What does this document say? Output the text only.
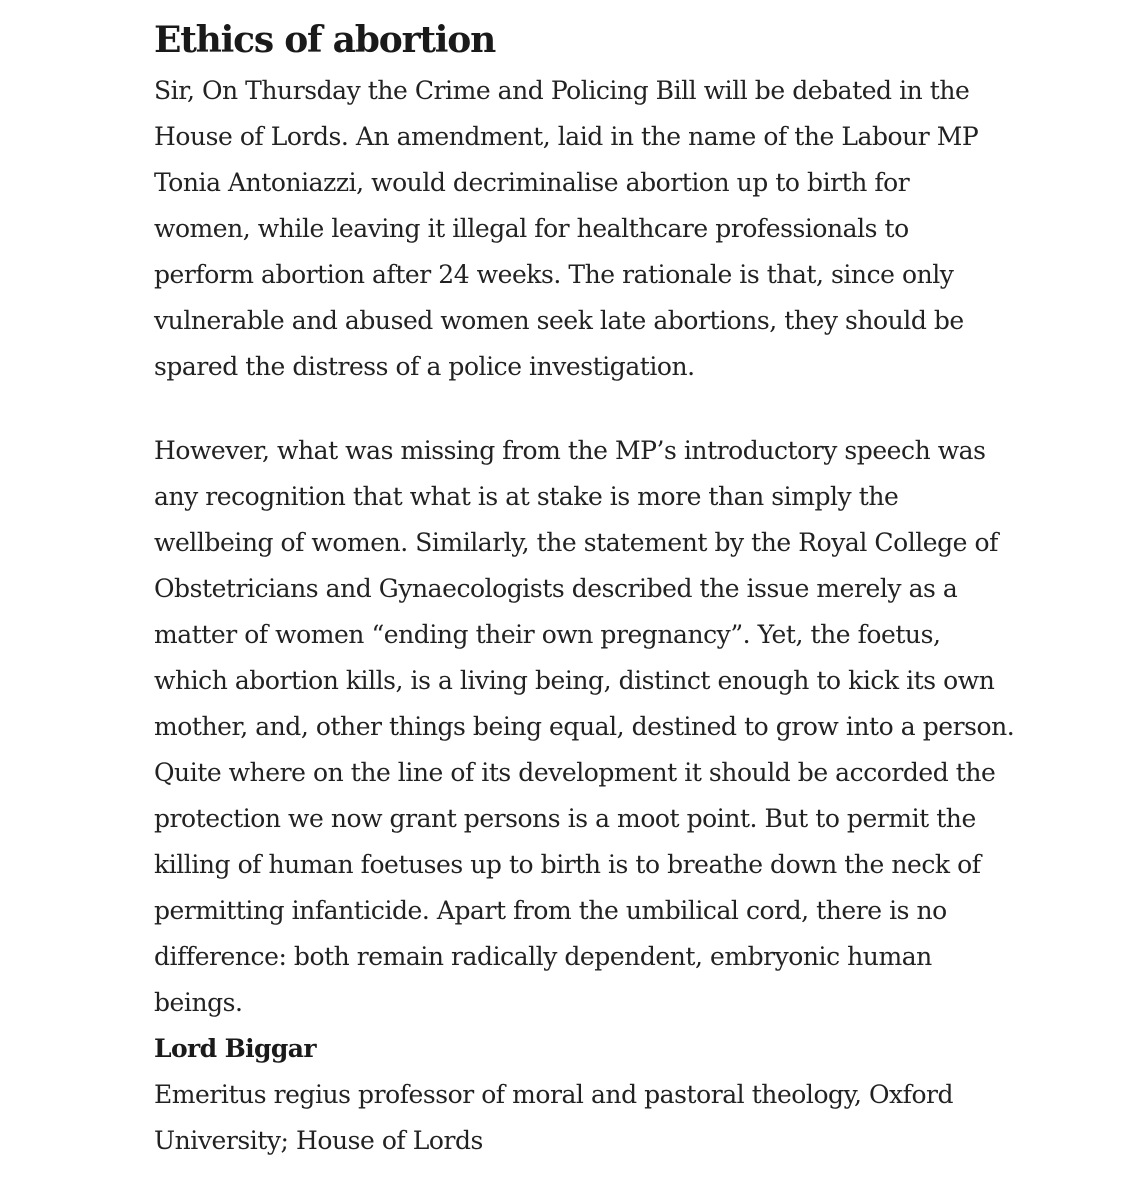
Ethics of abortion

Sir, On Thursday the Crime and Policing Bill will be debated in the
House of Lords. An amendment, laid in the name of the Labour MP
Tonia Antoniazzi, would decriminalise abortion up to birth for
women, while leaving it illegal for healthcare professionals to
perform abortion after 24 weeks. The rationale is that, since only
vulnerable and abused women seek late abortions, they should be
spared the distress of a police investigation.

However, what was missing from the MP’s introductory speech was
any recognition that what is at stake is more than simply the
wellbeing of women. Similarly, the statement by the Royal College of
Obstetricians and Gynaecologists described the issue merely as a
matter of women “ending their own pregnancy”. Yet, the foetus,
which abortion kills, is a living being, distinct enough to kick its own
mother, and, other things being equal, destined to grow into a person.
Quite where on the line of its development it should be accorded the
protection we now grant persons is a moot point. But to permit the
killing of human foetuses up to birth is to breathe down the neck of
permitting infanticide. Apart from the umbilical cord, there is no
difference: both remain radically dependent, embryonic human
beings.

Lord Biggar

Emeritus regius professor of moral and pastoral theology, Oxford
University; House of Lords
